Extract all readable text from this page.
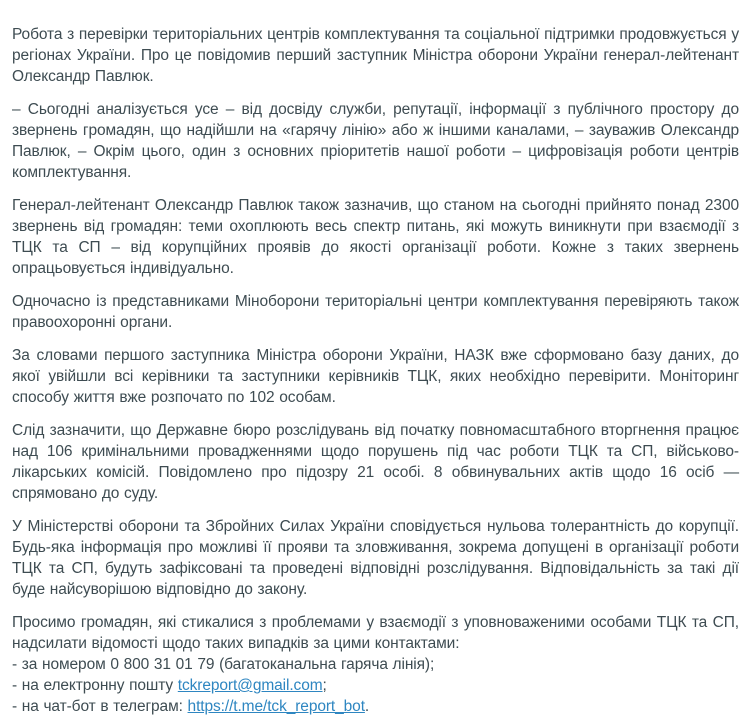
Робота з перевірки територіальних центрів комплектування та соціальної підтримки продовжується у регіонах України. Про це повідомив перший заступник Міністра оборони України генерал-лейтенант Олександр Павлюк.

– Сьогодні аналізується усе – від досвіду служби, репутації, інформації з публічного простору до звернень громадян, що надійшли на «гарячу лінію» або ж іншими каналами, – зауважив Олександр Павлюк, – Окрім цього, один з основних пріоритетів нашої роботи – цифровізація роботи центрів комплектування.

Генерал-лейтенант Олександр Павлюк також зазначив, що станом на сьогодні прийнято понад 2300 звернень від громадян: теми охоплюють весь спектр питань, які можуть виникнути при взаємодії з ТЦК та СП – від корупційних проявів до якості організації роботи. Кожне з таких звернень опрацьовується індивідуально.

Одночасно із представниками Міноборони територіальні центри комплектування перевіряють також правоохоронні органи.

За словами першого заступника Міністра оборони України, НАЗК вже сформовано базу даних, до якої увійшли всі керівники та заступники керівників ТЦК, яких необхідно перевірити. Моніторинг способу життя вже розпочато по 102 особам.

Слід зазначити, що Державне бюро розслідувань від початку повномасштабного вторгнення працює над 106 кримінальними провадженнями щодо порушень під час роботи ТЦК та СП, військово-лікарських комісій. Повідомлено про підозру 21 особі. 8 обвинувальних актів щодо 16 осіб — спрямовано до суду.

У Міністерстві оборони та Збройних Силах України сповідується нульова толерантність до корупції. Будь-яка інформація про можливі її прояви та зловживання, зокрема допущені в організації роботи ТЦК та СП, будуть зафіксовані та проведені відповідні розслідування. Відповідальність за такі дії буде найсуворішою відповідно до закону.

Просимо громадян, які стикалися з проблемами у взаємодії з уповноваженими особами ТЦК та СП, надсилати відомості щодо таких випадків за цими контактами:
- за номером 0 800 31 01 79 (багатоканальна гаряча лінія);
- на електронну пошту tckreport@gmail.com;
- на чат-бот в телеграм: https://t.me/tck_report_bot.
